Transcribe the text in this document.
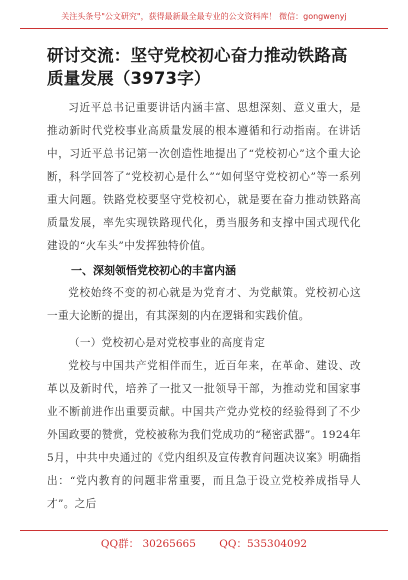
关注头条号"公文研究"，获得最新最全最专业的公文资料库！ 微信：gongwenyj
研讨交流：坚守党校初心奋力推动铁路高质量发展（3973字）

习近平总书记重要讲话内涵丰富、思想深刻、意义重大，是推动新时代党校事业高质量发展的根本遵循和行动指南。在讲话中，习近平总书记第一次创造性地提出了“党校初心”这个重大论断，科学回答了“党校初心是什么”“如何坚守党校初心”等一系列重大问题。铁路党校要坚守党校初心，就是要在奋力推动铁路高质量发展，率先实现铁路现代化，勇当服务和支撑中国式现代化建设的“火车头”中发挥独特价值。

一、深刻领悟党校初心的丰富内涵

党校始终不变的初心就是为党育才、为党献策。党校初心这一重大论断的提出，有其深刻的内在逻辑和实践价值。

（一）党校初心是对党校事业的高度肯定

党校与中国共产党相伴而生，近百年来，在革命、建设、改革以及新时代，培养了一批又一批领导干部，为推动党和国家事业不断前进作出重要贡献。中国共产党办党校的经验得到了不少外国政要的赞赏，党校被称为我们党成功的“秘密武器”。1924年5月，中共中央通过的《党内组织及宣传教育问题决议案》明确指出：“党内教育的问题非常重要，而且急于设立党校养成指导人才”。之后

QQ群： 30265665 QQ：535304092
